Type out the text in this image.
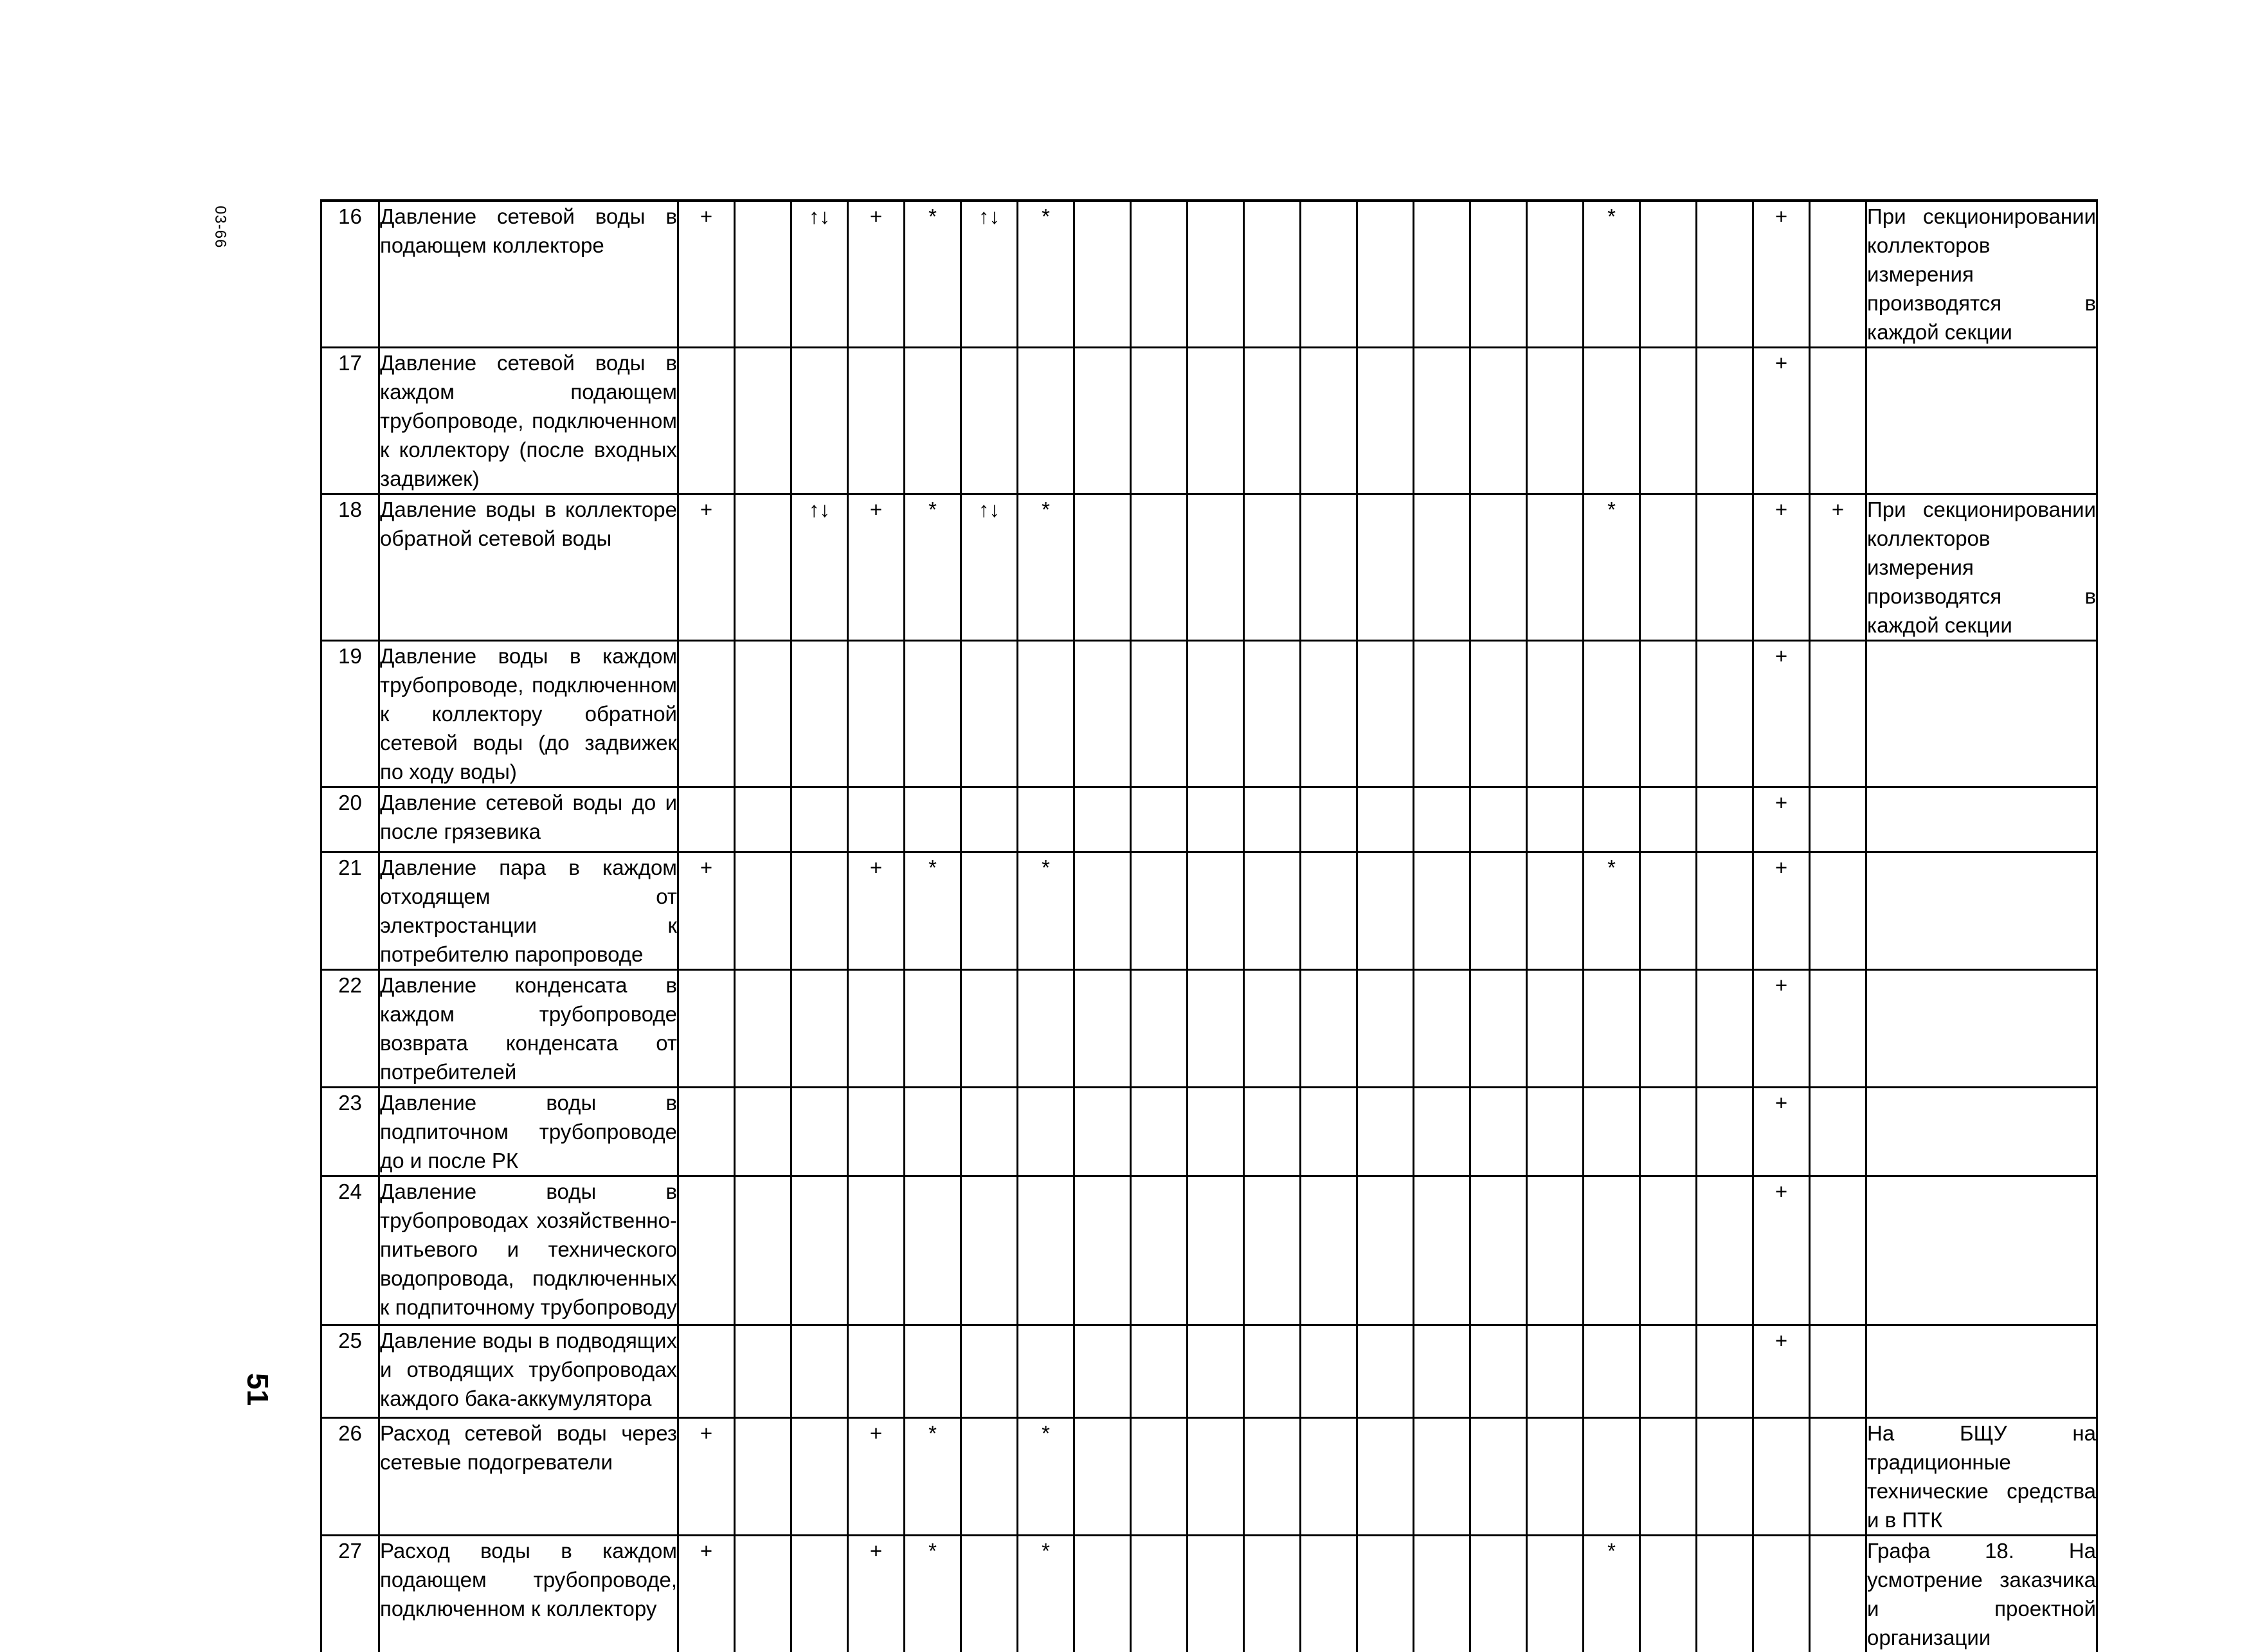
03-66
51
16	Давление сетевой воды в подающем коллекторе	+		↑↓	+	*	↑↓	*										*			+		При секционировании коллекторов измерения производятся в каждой секции
17	Давление сетевой воды в каждом подающем трубопроводе, подключенном к коллектору (после входных задвижек)																				+		
18	Давление воды в коллекторе обратной сетевой воды	+		↑↓	+	*	↑↓	*										*			+	+	При секционировании коллекторов измерения производятся в каждой секции
19	Давление воды в каждом трубопроводе, подключенном к коллектору обратной сетевой воды (до задвижек по ходу воды)																				+		
20	Давление сетевой воды до и после грязевика																				+		
21	Давление пара в каждом отходящем от электростанции к потребителю паропроводе	+			+	*		*										*			+		
22	Давление конденсата в каждом трубопроводе возврата конденсата от потребителей																				+		
23	Давление воды в подпиточном трубопроводе до и после РК																				+		
24	Давление воды в трубопроводах хозяйственно-питьевого и технического водопровода, подключенных к подпиточному трубопроводу																				+		
25	Давление воды в подводящих и отводящих трубопроводах каждого бака-аккумулятора																				+		
26	Расход сетевой воды через сетевые подогреватели	+			+	*		*															На БЩУ на традиционные технические средства и в ПТК
27	Расход воды в каждом подающем трубопроводе, подключенном к коллектору	+			+	*		*										*					Графа 18. На усмотрение заказчика и проектной организации
